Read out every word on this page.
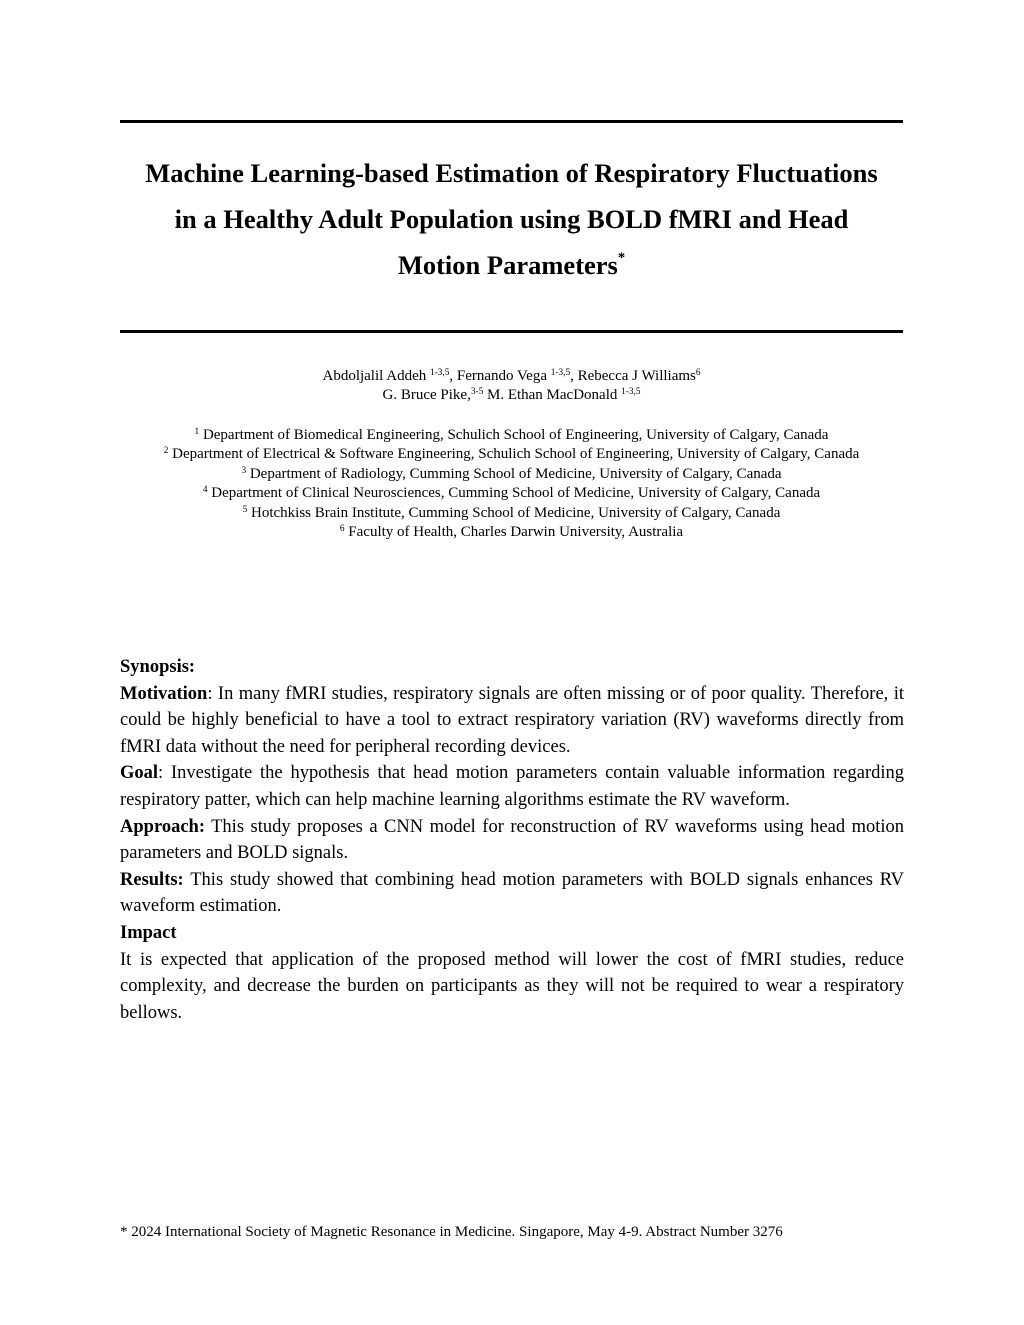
Machine Learning-based Estimation of Respiratory Fluctuations
in a Healthy Adult Population using BOLD fMRI and Head
Motion Parameters*
Abdoljalil Addeh $^{1-3,5}$, Fernando Vega $^{1-3,5}$, Rebecca J Williams$^6$
G. Bruce Pike,$^{3-5}$ M. Ethan MacDonald $^{1-3,5}$
$^1$ Department of Biomedical Engineering, Schulich School of Engineering, University of Calgary, Canada
$^2$ Department of Electrical & Software Engineering, Schulich School of Engineering, University of Calgary, Canada
$^3$ Department of Radiology, Cumming School of Medicine, University of Calgary, Canada
$^4$ Department of Clinical Neurosciences, Cumming School of Medicine, University of Calgary, Canada
$^5$ Hotchkiss Brain Institute, Cumming School of Medicine, University of Calgary, Canada
$^6$ Faculty of Health, Charles Darwin University, Australia

Synopsis:

Motivation: In many fMRI studies, respiratory signals are often missing or of poor quality. Therefore, it could be highly beneficial to have a tool to extract respiratory variation (RV) waveforms directly from fMRI data without the need for peripheral recording devices.

Goal: Investigate the hypothesis that head motion parameters contain valuable information regarding respiratory patter, which can help machine learning algorithms estimate the RV waveform.

Approach: This study proposes a CNN model for reconstruction of RV waveforms using head motion parameters and BOLD signals.

Results: This study showed that combining head motion parameters with BOLD signals enhances RV waveform estimation.

Impact

It is expected that application of the proposed method will lower the cost of fMRI studies, reduce complexity, and decrease the burden on participants as they will not be required to wear a respiratory bellows.

* 2024 International Society of Magnetic Resonance in Medicine. Singapore, May 4-9. Abstract Number 3276
